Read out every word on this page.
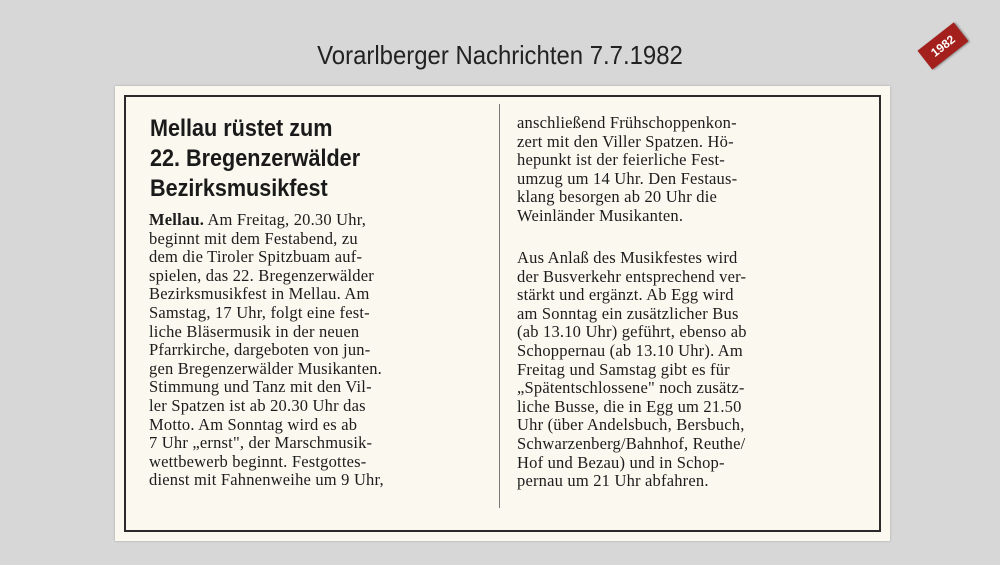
Vorarlberger Nachrichten 7.7.1982	1982
Mellau rüstet zum
22. Bregenzerwälder
Bezirksmusikfest

Mellau. Am Freitag, 20.30 Uhr,
beginnt mit dem Festabend, zu
dem die Tiroler Spitzbuam auf-
spielen, das 22. Bregenzerwälder
Bezirksmusikfest in Mellau. Am
Samstag, 17 Uhr, folgt eine fest-
liche Bläsermusik in der neuen
Pfarrkirche, dargeboten von jun-
gen Bregenzerwälder Musikanten.
Stimmung und Tanz mit den Vil-
ler Spatzen ist ab 20.30 Uhr das
Motto. Am Sonntag wird es ab
7 Uhr „ernst", der Marschmusik-
wettbewerb beginnt. Festgottes-
dienst mit Fahnenweihe um 9 Uhr,

anschließend Frühschoppenkon-
zert mit den Viller Spatzen. Hö-
hepunkt ist der feierliche Fest-
umzug um 14 Uhr. Den Festaus-
klang besorgen ab 20 Uhr die
Weinländer Musikanten.

Aus Anlaß des Musikfestes wird
der Busverkehr entsprechend ver-
stärkt und ergänzt. Ab Egg wird
am Sonntag ein zusätzlicher Bus
(ab 13.10 Uhr) geführt, ebenso ab
Schoppernau (ab 13.10 Uhr). Am
Freitag und Samstag gibt es für
„Spätentschlossene" noch zusätz-
liche Busse, die in Egg um 21.50
Uhr (über Andelsbuch, Bersbuch,
Schwarzenberg/Bahnhof, Reuthe/
Hof und Bezau) und in Schop-
pernau um 21 Uhr abfahren.
